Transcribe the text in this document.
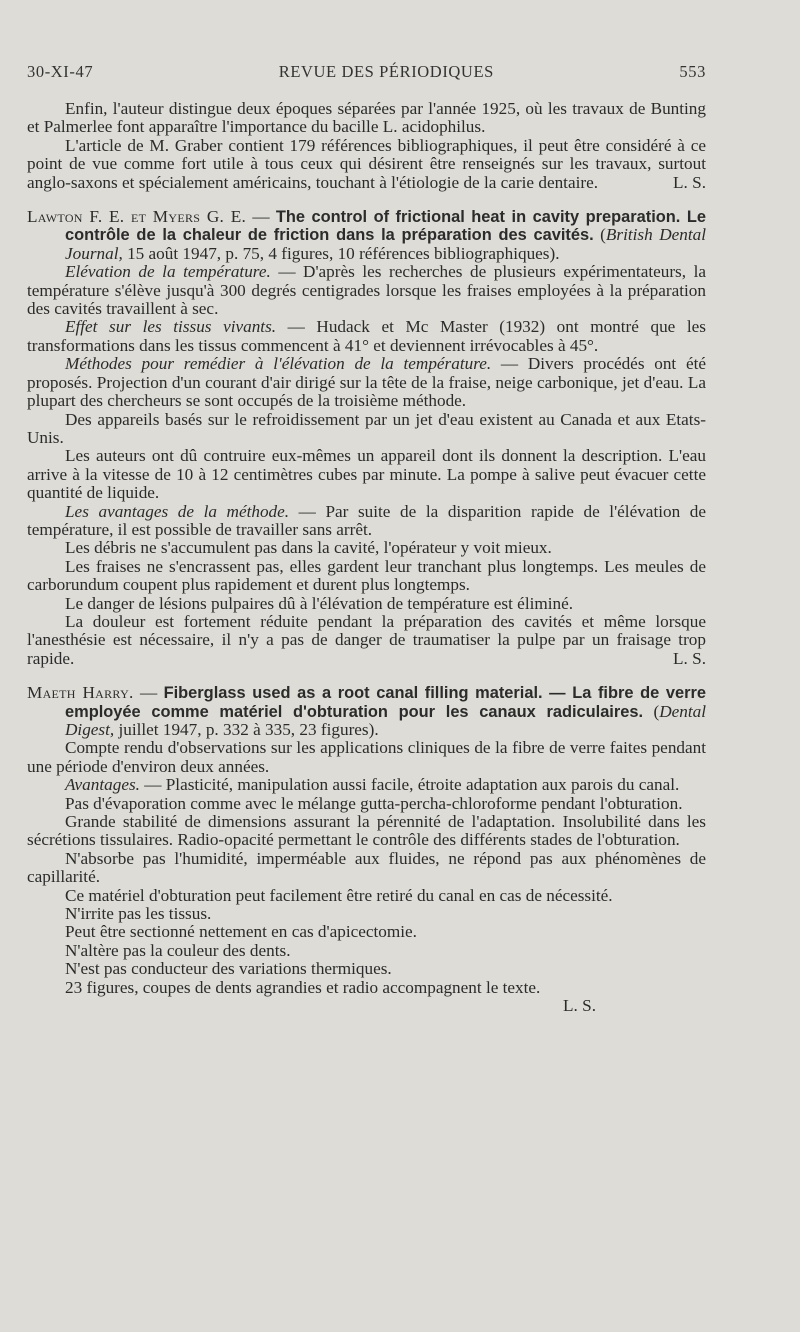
30-XI-47	REVUE DES PÉRIODIQUES	553

Enfin, l'auteur distingue deux époques séparées par l'année 1925, où les travaux de Bunting et Palmerlee font apparaître l'importance du bacille L. acidophilus.

L'article de M. Graber contient 179 références bibliographiques, il peut être considéré à ce point de vue comme fort utile à tous ceux qui désirent être renseignés sur les travaux, surtout anglo-saxons et spécialement américains, touchant à l'étiologie de la carie dentaire.	L. S.

Lawton F. E. et Myers G. E. — The control of frictional heat in cavity preparation. Le contrôle de la chaleur de friction dans la préparation des cavités. (British Dental Journal, 15 août 1947, p. 75, 4 figures, 10 références bibliographiques).

Elévation de la température. — D'après les recherches de plusieurs expérimentateurs, la température s'élève jusqu'à 300 degrés centigrades lorsque les fraises employées à la préparation des cavités travaillent à sec.

Effet sur les tissus vivants. — Hudack et Mc Master (1932) ont montré que les transformations dans les tissus commencent à 41° et deviennent irrévocables à 45°.

Méthodes pour remédier à l'élévation de la température. — Divers procédés ont été proposés. Projection d'un courant d'air dirigé sur la tête de la fraise, neige carbonique, jet d'eau. La plupart des chercheurs se sont occupés de la troisième méthode.

Des appareils basés sur le refroidissement par un jet d'eau existent au Canada et aux Etats-Unis.

Les auteurs ont dû contruire eux-mêmes un appareil dont ils donnent la description. L'eau arrive à la vitesse de 10 à 12 centimètres cubes par minute. La pompe à salive peut évacuer cette quantité de liquide.

Les avantages de la méthode. — Par suite de la disparition rapide de l'élévation de température, il est possible de travailler sans arrêt.

Les débris ne s'accumulent pas dans la cavité, l'opérateur y voit mieux.

Les fraises ne s'encrassent pas, elles gardent leur tranchant plus longtemps. Les meules de carborundum coupent plus rapidement et durent plus longtemps.

Le danger de lésions pulpaires dû à l'élévation de température est éliminé.

La douleur est fortement réduite pendant la préparation des cavités et même lorsque l'anesthésie est nécessaire, il n'y a pas de danger de traumatiser la pulpe par un fraisage trop rapide.	L. S.

Maeth Harry. — Fiberglass used as a root canal filling material. — La fibre de verre employée comme matériel d'obturation pour les canaux radiculaires. (Dental Digest, juillet 1947, p. 332 à 335, 23 figures).

Compte rendu d'observations sur les applications cliniques de la fibre de verre faites pendant une période d'environ deux années.

Avantages. — Plasticité, manipulation aussi facile, étroite adaptation aux parois du canal.

Pas d'évaporation comme avec le mélange gutta-percha-chloroforme pendant l'obturation.

Grande stabilité de dimensions assurant la pérennité de l'adaptation. Insolubilité dans les sécrétions tissulaires. Radio-opacité permettant le contrôle des différents stades de l'obturation.

N'absorbe pas l'humidité, imperméable aux fluides, ne répond pas aux phénomènes de capillarité.

Ce matériel d'obturation peut facilement être retiré du canal en cas de nécessité.

N'irrite pas les tissus.

Peut être sectionné nettement en cas d'apicectomie.

N'altère pas la couleur des dents.

N'est pas conducteur des variations thermiques.

23 figures, coupes de dents agrandies et radio accompagnent le texte.

L. S.
